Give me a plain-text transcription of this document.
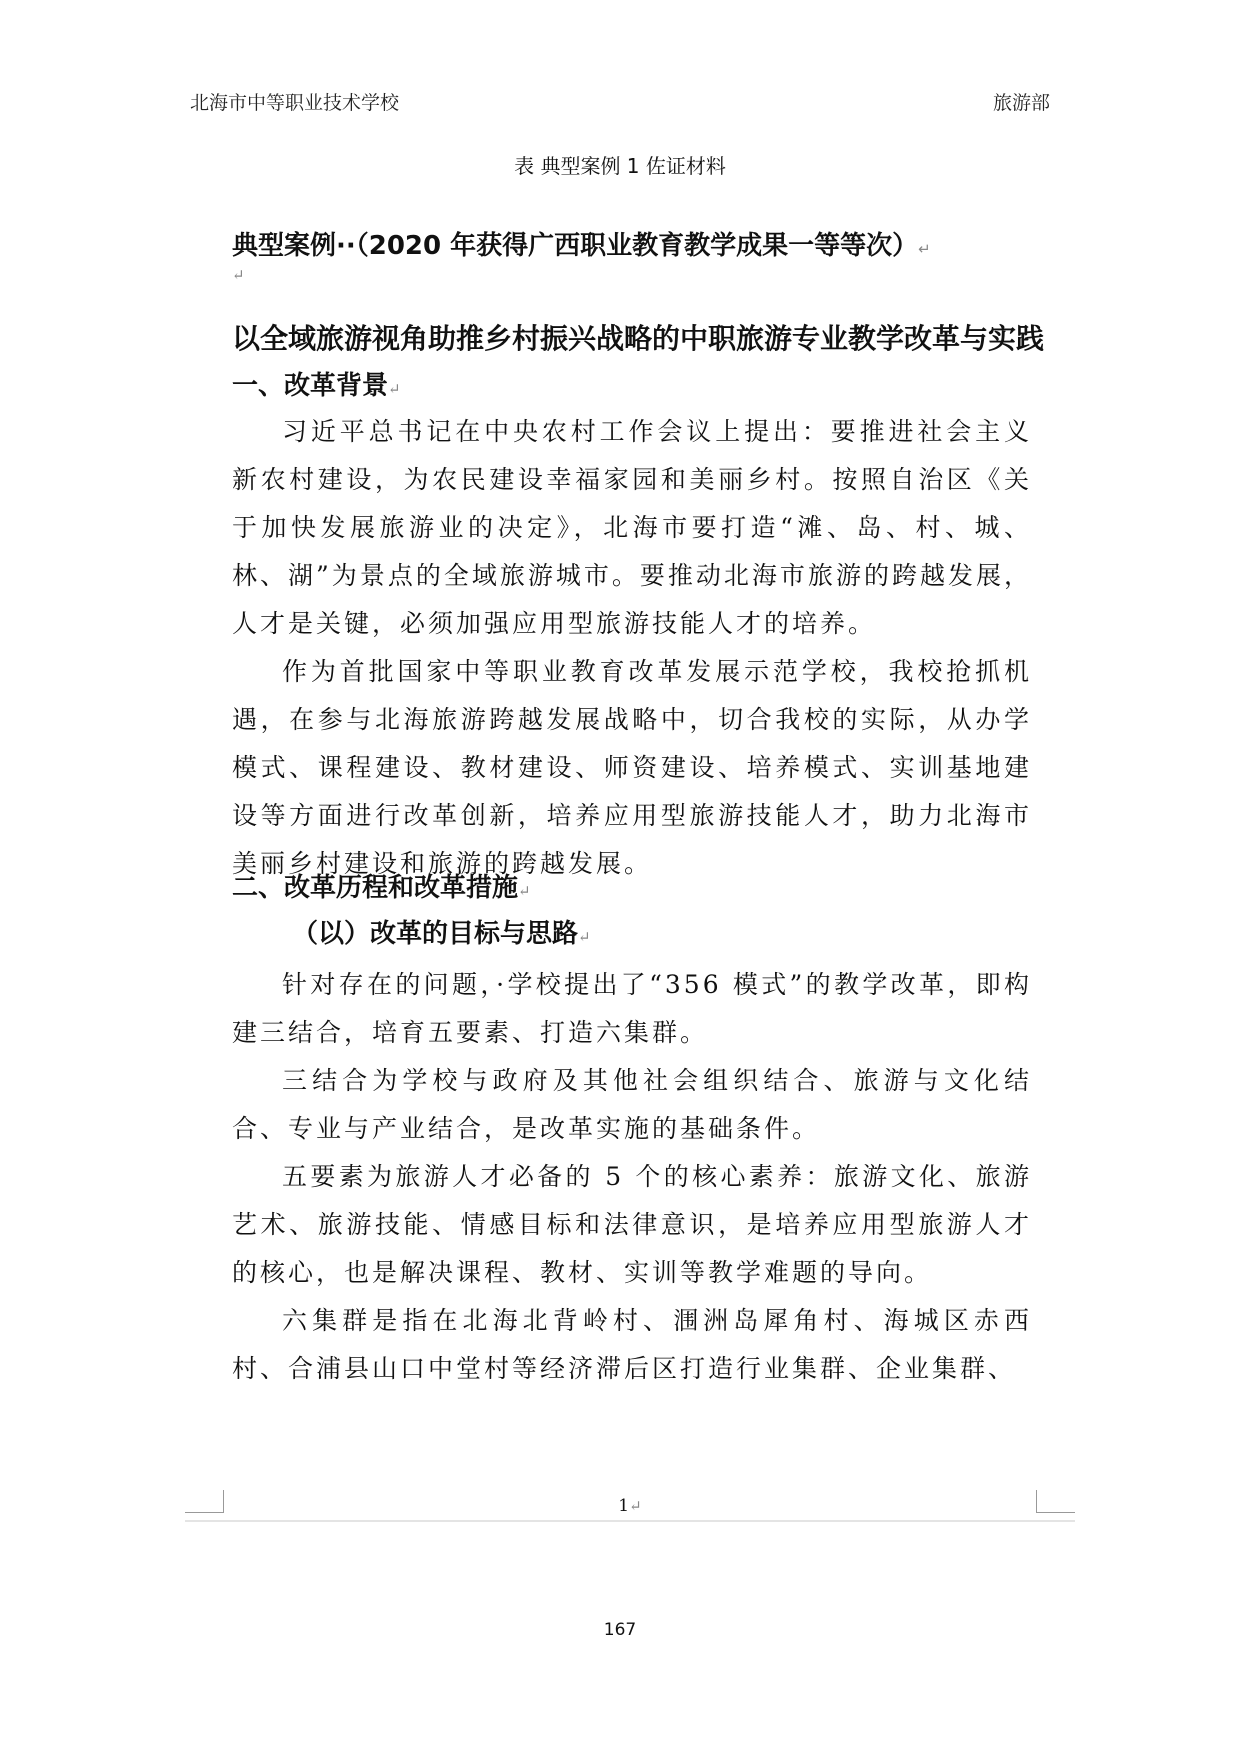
北海市中等职业技术学校	旅游部
表 典型案例 1 佐证材料
典型案例··（2020 年获得广西职业教育教学成果一等等次）↵
↵
以全域旅游视角助推乡村振兴战略的中职旅游专业教学改革与实践
一、改革背景↵

习近平总书记在中央农村工作会议上提出：要推进社会主义新农村建设，为农民建设幸福家园和美丽乡村。按照自治区《关于加快发展旅游业的决定》，北海市要打造“滩、岛、村、城、林、湖”为景点的全域旅游城市。要推动北海市旅游的跨越发展，人才是关键，必须加强应用型旅游技能人才的培养。

作为首批国家中等职业教育改革发展示范学校，我校抢抓机遇，在参与北海旅游跨越发展战略中，切合我校的实际，从办学模式、课程建设、教材建设、师资建设、培养模式、实训基地建设等方面进行改革创新，培养应用型旅游技能人才，助力北海市美丽乡村建设和旅游的跨越发展。

二、改革历程和改革措施↵
（以）改革的目标与思路↵

针对存在的问题，·学校提出了“356 模式”的教学改革，即构建三结合，培育五要素、打造六集群。

三结合为学校与政府及其他社会组织结合、旅游与文化结合、专业与产业结合，是改革实施的基础条件。

五要素为旅游人才必备的 5 个的核心素养：旅游文化、旅游艺术、旅游技能、情感目标和法律意识，是培养应用型旅游人才的核心，也是解决课程、教材、实训等教学难题的导向。

六集群是指在北海北背岭村、涠洲岛犀角村、海城区赤西村、合浦县山口中堂村等经济滞后区打造行业集群、企业集群、

1↵
167
